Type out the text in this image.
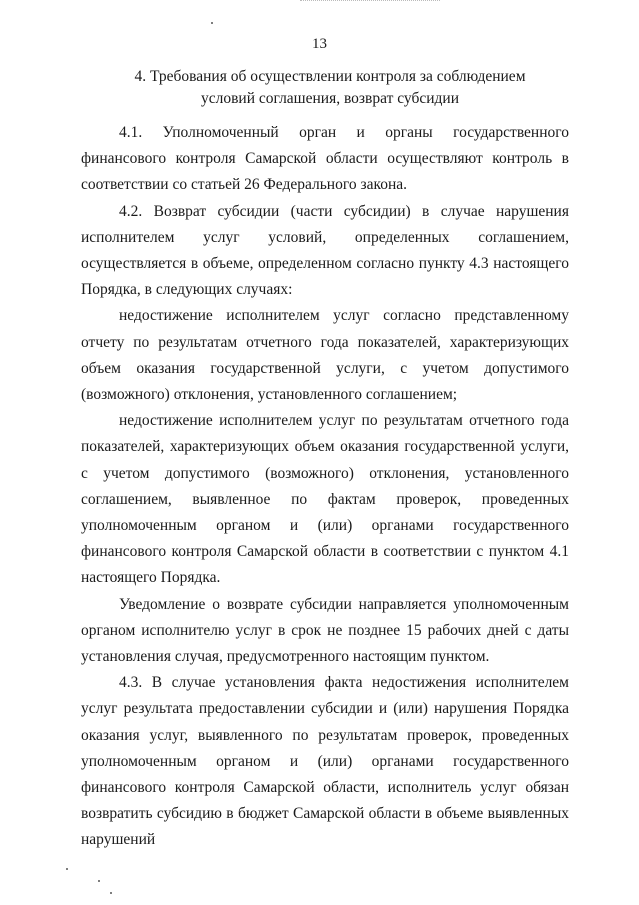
13
4. Требования об осуществлении контроля за соблюдением
условий соглашения, возврат субсидии

4.1. Уполномоченный орган и органы государственного финансового контроля Самарской области осуществляют контроль в соответствии со статьей 26 Федерального закона.

4.2. Возврат субсидии (части субсидии) в случае нарушения исполнителем услуг условий, определенных соглашением, осуществляется в объеме, определенном согласно пункту 4.3 настоящего Порядка, в следующих случаях:

недостижение исполнителем услуг согласно представленному отчету по результатам отчетного года показателей, характеризующих объем оказания государственной услуги, с учетом допустимого (возможного) отклонения, установленного соглашением;

недостижение исполнителем услуг по результатам отчетного года показателей, характеризующих объем оказания государственной услуги, с учетом допустимого (возможного) отклонения, установленного соглашением, выявленное по фактам проверок, проведенных уполномоченным органом и (или) органами государственного финансового контроля Самарской области в соответствии с пунктом 4.1 настоящего Порядка.

Уведомление о возврате субсидии направляется уполномоченным органом исполнителю услуг в срок не позднее 15 рабочих дней с даты установления случая, предусмотренного настоящим пунктом.

4.3. В случае установления факта недостижения исполнителем услуг результата предоставлении субсидии и (или) нарушения Порядка оказания услуг, выявленного по результатам проверок, проведенных уполномоченным органом и (или) органами государственного финансового контроля Самарской области, исполнитель услуг обязан возвратить субсидию в бюджет Самарской области в объеме выявленных нарушений
